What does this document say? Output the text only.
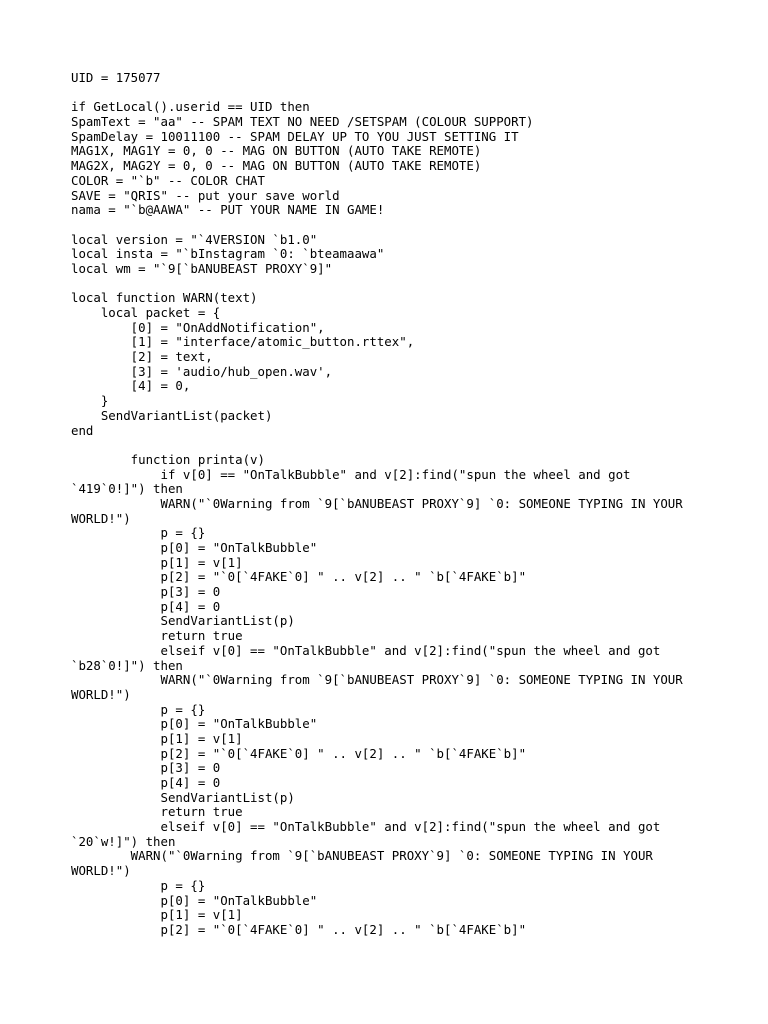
UID = 175077
if GetLocal().userid == UID then
SpamText = "aa" -- SPAM TEXT NO NEED /SETSPAM (COLOUR SUPPORT)
SpamDelay = 10011100 -- SPAM DELAY UP TO YOU JUST SETTING IT
MAG1X, MAG1Y = 0, 0 -- MAG ON BUTTON (AUTO TAKE REMOTE)
MAG2X, MAG2Y = 0, 0 -- MAG ON BUTTON (AUTO TAKE REMOTE)
COLOR = "`b" -- COLOR CHAT
SAVE = "QRIS" -- put your save world
nama = "`b@AAWA" -- PUT YOUR NAME IN GAME!
local version = "`4VERSION `b1.0"
local insta = "`bInstagram `0: `bteamaawa"
local wm = "`9[`bANUBEAST PROXY`9]"
local function WARN(text)
local packet = {
[0] = "OnAddNotification",
[1] = "interface/atomic_button.rttex",
[2] = text,
[3] = 'audio/hub_open.wav',
[4] = 0,
}
SendVariantList(packet)
end
function printa(v)
if v[0] == "OnTalkBubble" and v[2]:find("spun the wheel and got
`419`0!]") then
WARN("`0Warning from `9[`bANUBEAST PROXY`9] `0: SOMEONE TYPING IN YOUR
WORLD!")
p = {}
p[0] = "OnTalkBubble"
p[1] = v[1]
p[2] = "`0[`4FAKE`0] " .. v[2] .. " `b[`4FAKE`b]"
p[3] = 0
p[4] = 0
SendVariantList(p)
return true
elseif v[0] == "OnTalkBubble" and v[2]:find("spun the wheel and got
`b28`0!]") then
WARN("`0Warning from `9[`bANUBEAST PROXY`9] `0: SOMEONE TYPING IN YOUR
WORLD!")
p = {}
p[0] = "OnTalkBubble"
p[1] = v[1]
p[2] = "`0[`4FAKE`0] " .. v[2] .. " `b[`4FAKE`b]"
p[3] = 0
p[4] = 0
SendVariantList(p)
return true
elseif v[0] == "OnTalkBubble" and v[2]:find("spun the wheel and got
`20`w!]") then
WARN("`0Warning from `9[`bANUBEAST PROXY`9] `0: SOMEONE TYPING IN YOUR
WORLD!")
p = {}
p[0] = "OnTalkBubble"
p[1] = v[1]
p[2] = "`0[`4FAKE`0] " .. v[2] .. " `b[`4FAKE`b]"
